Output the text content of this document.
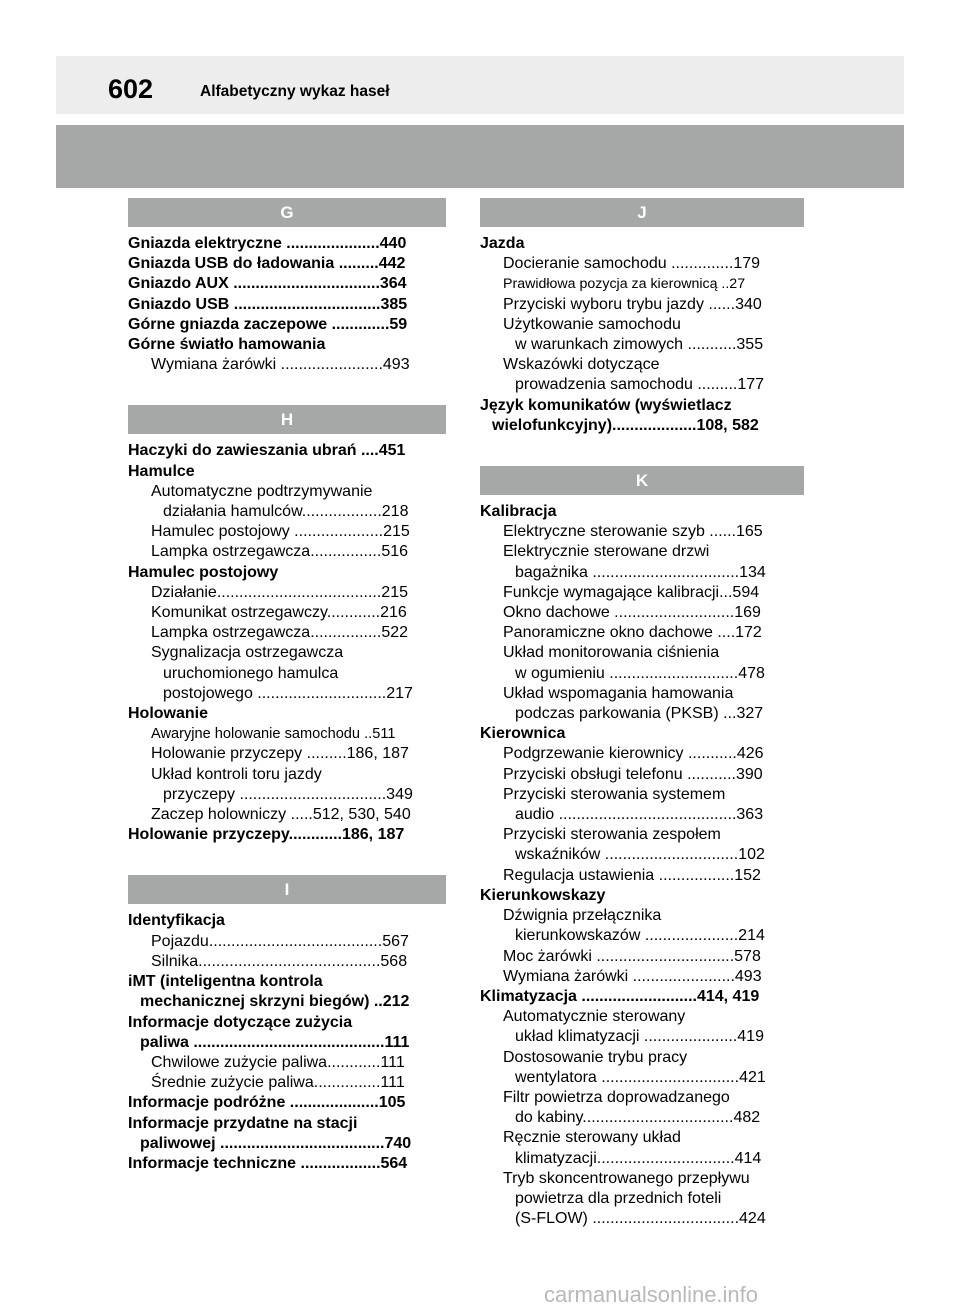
602	Alfabetyczny wykaz haseł
G
Gniazda elektryczne .....................440
Gniazda USB do ładowania .........442
Gniazdo AUX .................................364
Gniazdo USB .................................385
Górne gniazda zaczepowe .............59
Górne światło hamowania
Wymiana żarówki .......................493
H
Haczyki do zawieszania ubrań ....451
Hamulce
Automatyczne podtrzymywanie
działania hamulców..................218
Hamulec postojowy ....................215
Lampka ostrzegawcza................516
Hamulec postojowy
Działanie.....................................215
Komunikat ostrzegawczy............216
Lampka ostrzegawcza................522
Sygnalizacja ostrzegawcza
uruchomionego hamulca
postojowego .............................217
Holowanie
Awaryjne holowanie samochodu ..511
Holowanie przyczepy .........186, 187
Układ kontroli toru jazdy
przyczepy .................................349
Zaczep holowniczy .....512, 530, 540
Holowanie przyczepy............186, 187
I
Identyfikacja
Pojazdu.......................................567
Silnika.........................................568
iMT (inteligentna kontrola
mechanicznej skrzyni biegów) ..212
Informacje dotyczące zużycia
paliwa ...........................................111
Chwilowe zużycie paliwa............111
Średnie zużycie paliwa...............111
Informacje podróżne ....................105
Informacje przydatne na stacji
paliwowej .....................................740
Informacje techniczne ..................564
J
Jazda
Docieranie samochodu ..............179
Prawidłowa pozycja za kierownicą ..27
Przyciski wyboru trybu jazdy ......340
Użytkowanie samochodu
w warunkach zimowych ...........355
Wskazówki dotyczące
prowadzenia samochodu .........177
Język komunikatów (wyświetlacz
wielofunkcyjny)...................108, 582
K
Kalibracja
Elektryczne sterowanie szyb ......165
Elektrycznie sterowane drzwi
bagażnika .................................134
Funkcje wymagające kalibracji...594
Okno dachowe ...........................169
Panoramiczne okno dachowe ....172
Układ monitorowania ciśnienia
w ogumieniu .............................478
Układ wspomagania hamowania
podczas parkowania (PKSB) ...327
Kierownica
Podgrzewanie kierownicy ...........426
Przyciski obsługi telefonu ...........390
Przyciski sterowania systemem
audio ........................................363
Przyciski sterowania zespołem
wskaźników ..............................102
Regulacja ustawienia .................152
Kierunkowskazy
Dźwignia przełącznika
kierunkowskazów .....................214
Moc żarówki ...............................578
Wymiana żarówki .......................493
Klimatyzacja ..........................414, 419
Automatycznie sterowany
układ klimatyzacji .....................419
Dostosowanie trybu pracy
wentylatora ...............................421
Filtr powietrza doprowadzanego
do kabiny..................................482
Ręcznie sterowany układ
klimatyzacji...............................414
Tryb skoncentrowanego przepływu
powietrza dla przednich foteli
(S-FLOW) .................................424
carmanualsonline.info
